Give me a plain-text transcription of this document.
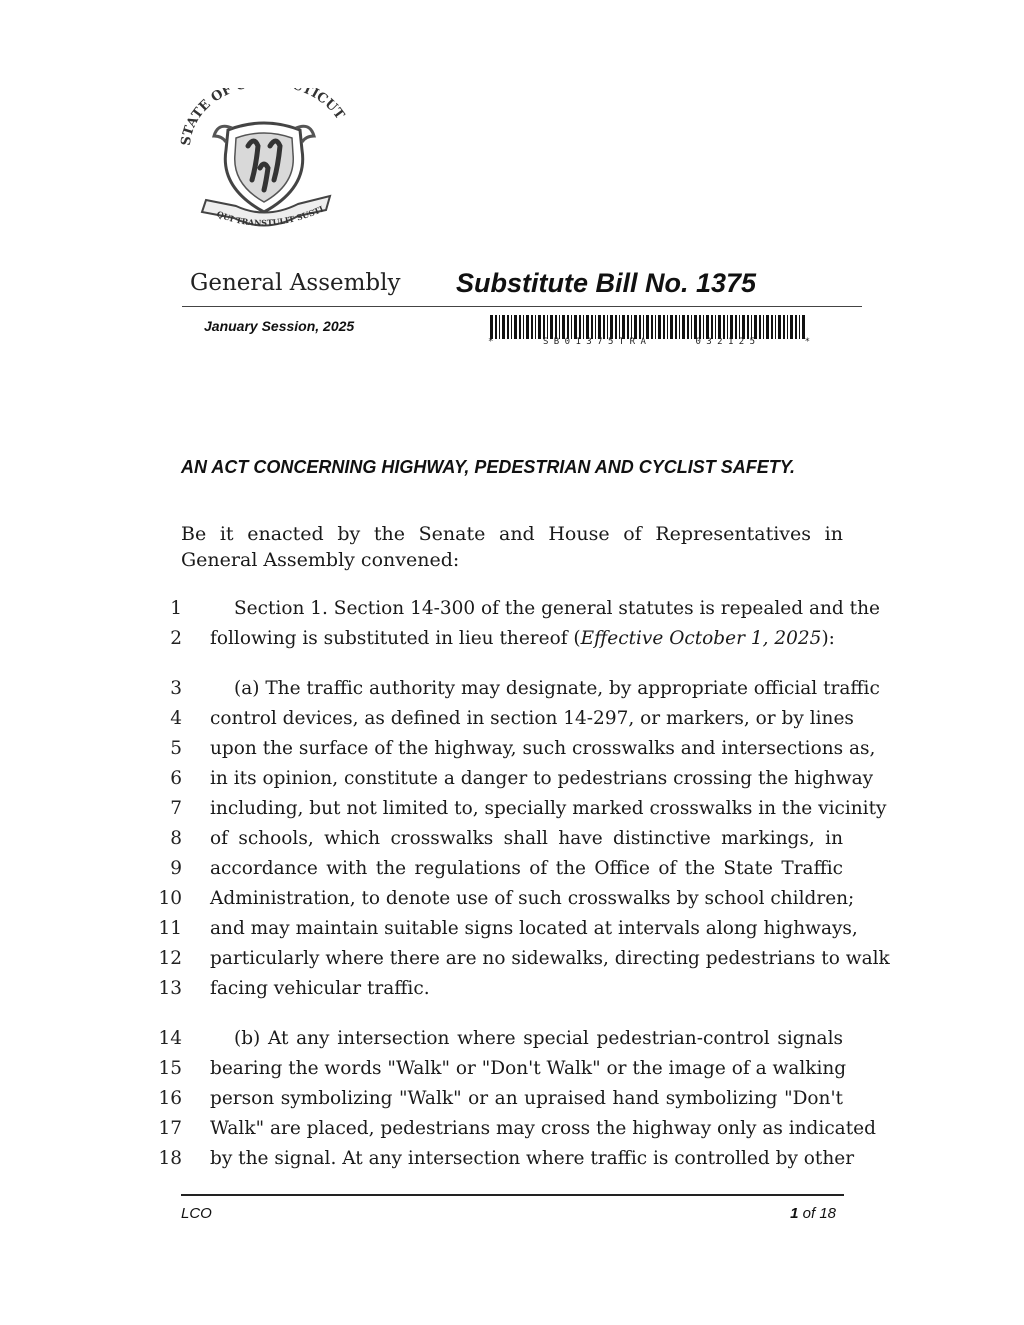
STATE OF TICUT
QUI TRANSTULIT SUSTI
General Assembly Substitute Bill No. 1375
January Session, 2025
*	S B 0 1 3 7 5 T R A	0 3 2 1 2 5	*
AN ACT CONCERNING HIGHWAY, PEDESTRIAN AND CYCLIST SAFETY.

Be it enacted by the Senate and House of Representatives in General Assembly convened:

1	Section 1. Section 14-300 of the general statutes is repealed and the
2 following is substituted in lieu thereof (Effective October 1, 2025):
3	(a) The traffic authority may designate, by appropriate official traffic
4 control devices, as defined in section 14-297, or markers, or by lines
5 upon the surface of the highway, such crosswalks and intersections as,
6 in its opinion, constitute a danger to pedestrians crossing the highway
7 including, but not limited to, specially marked crosswalks in the vicinity
8 of schools, which crosswalks shall have distinctive markings, in
9 accordance with the regulations of the Office of the State Traffic
10 Administration, to denote use of such crosswalks by school children;
11 and may maintain suitable signs located at intervals along highways,
12 particularly where there are no sidewalks, directing pedestrians to walk
13 facing vehicular traffic.
14	(b) At any intersection where special pedestrian-control signals
15 bearing the words "Walk" or "Don't Walk" or the image of a walking
16 person symbolizing "Walk" or an upraised hand symbolizing "Don't
17 Walk" are placed, pedestrians may cross the highway only as indicated
18 by the signal. At any intersection where traffic is controlled by other
LCO	1 of 18
